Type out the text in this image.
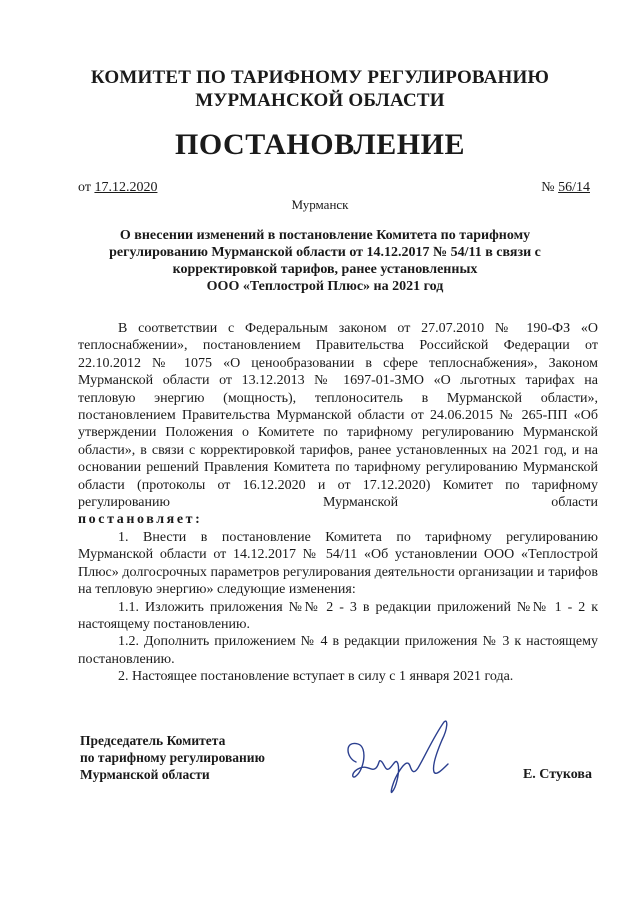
КОМИТЕТ ПО ТАРИФНОМУ РЕГУЛИРОВАНИЮ
МУРМАНСКОЙ ОБЛАСТИ
ПОСТАНОВЛЕНИЕ
от 17.12.2020	№ 56/14
Мурманск
О внесении изменений в постановление Комитета по тарифному
регулированию Мурманской области от 14.12.2017 № 54/11 в связи с
корректировкой тарифов, ранее установленных
ООО «Теплострой Плюс» на 2021 год

В соответствии с Федеральным законом от 27.07.2010 № 190-ФЗ «О теплоснабжении», постановлением Правительства Российской Федерации от 22.10.2012 № 1075 «О ценообразовании в сфере теплоснабжения», Законом Мурманской области от 13.12.2013 № 1697-01-ЗМО «О льготных тарифах на тепловую энергию (мощность), теплоноситель в Мурманской области», постановлением Правительства Мурманской области от 24.06.2015 № 265-ПП «Об утверждении Положения о Комитете по тарифному регулированию Мурманской области», в связи с корректировкой тарифов, ранее установленных на 2021 год, и на основании решений Правления Комитета по тарифному регулированию Мурманской области (протоколы от 16.12.2020 и от 17.12.2020) Комитет по тарифному регулированию Мурманской области

постановляет:

1. Внести в постановление Комитета по тарифному регулированию Мурманской области от 14.12.2017 № 54/11 «Об установлении ООО «Теплострой Плюс» долгосрочных параметров регулирования деятельности организации и тарифов на тепловую энергию» следующие изменения:

1.1. Изложить приложения №№ 2 - 3 в редакции приложений №№ 1 - 2 к настоящему постановлению.

1.2. Дополнить приложением № 4 в редакции приложения № 3 к настоящему постановлению.

2. Настоящее постановление вступает в силу с 1 января 2021 года.

Председатель Комитета
по тарифному регулированию
Мурманской области	Е. Стукова
